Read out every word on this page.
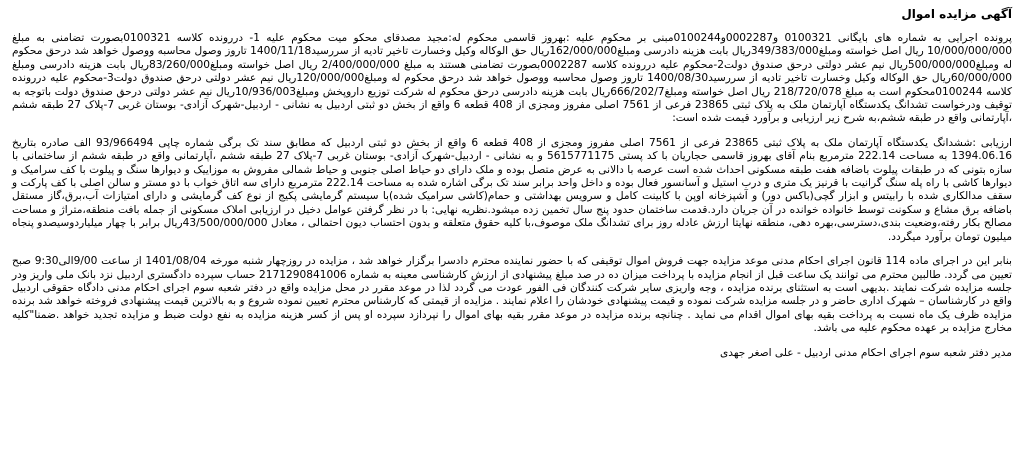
آگهی مزایده اموال

پرونده اجرایی به شماره های بایگانی 0100321 و0002287و0100244مبنی بر محکوم علیه :بهروز قاسمی محکوم له:مجید مصدقای محکو میت محکوم علیه 1- دررونده کلاسه 0100321بصورت تضامنی به مبلغ 10/000/000/000 ریال اصل خواسته ومبلغ349/383/000ریال بابت هزینه دادرسی ومبلغ162/000/000ریال حق الوکاله وکیل وخسارت تاخیر تادیه از سررسید1400/11/18 تاروز وصول محاسبه ووصول خواهد شد درحق محکوم له ومبلغ500/000/000ریال نیم عشر دولتی درحق صندوق دولت2-محکوم علیه دررونده کلاسه 0002287بصورت تضامنی هستند به مبلغ 2/400/000/000 ریال اصل خواسته ومبلغ83/260/000ریال بابت هزینه دادرسی ومبلغ 60/000/000ریال حق الوکاله وکیل وخسارت تاخیر تادیه از سررسید1400/08/30 تاروز وصول محاسبه ووصول خواهد شد درحق محکوم له ومبلغ120/000/000ریال نیم عشر دولتی درحق صندوق دولت3-محکوم علیه دررونده کلاسه 0100244محکوم است به مبلغ 218/720/078 ریال اصل خواسته ومبلغ666/202/7ریال بابت هزینه دادرسی درحق محکوم له شرکت توزیع داروپخش ومبلغ10/936/003ریال نیم عشر دولتی درحق صندوق دولت باتوجه به توقیف ودرخواست تشدانگ یکدستگاه آپارتمان ملک به پلاک ثبتی 23865 فرعی از 7561 اصلی مفروز ومجزی از 408 قطعه 6 واقع از بخش دو ثبتی اردبیل به نشانی - اردبیل-شهرک آزادی- بوستان غربی 7-پلاک 27 طبقه ششم ،آپارتمانی واقع در طبقه ششم،به شرح زیر ارزیابی و برآورد قیمت شده است:

ارزیابی :ششدانگ یکدستگاه آپارتمان ملک به پلاک ثبتی 23865 فرعی از 7561 اصلی مفروز ومجزی از 408 قطعه 6 واقع از بخش دو ثبتی اردبیل که مطابق سند تک برگی شماره چاپی 93/966494 الف صادره بتاریخ 1394.06.16 به مساحت 222.14 مترمربع بنام آقای بهروز قاسمی حجاریان با کد پستی 5615771175 و به نشانی - اردبیل-شهرک آزادی- بوستان غربی 7-پلاک 27 طبقه ششم ،آپارتمانی واقع در طبقه ششم از ساختمانی با سازه بتونی که در طبقات پیلوت باضافه هفت طبقه مسکونی احداث شده است عرصه با دالانی به عرض متصل بوده و ملک دارای دو حیاط اصلی جنوبی و حیاط شمالی مفروش به موزاییک و دیوارها سنگ و پیلوت با کف سرامیک و دیوارها کاشی با راه پله سنگ گرانیت با قرنیز یک متری و درب استیل و آسانسور فعال بوده و داخل واحد برابر سند تک برگی اشاره شده به مساحت 222.14 مترمربع دارای سه اتاق خواب با دو مستر و سالن اصلی با کف پارکت و سقف مدالکاری شده با رابیتس و ابزار گچی(باکس دور) و آشپزخانه اوپن با کابینت کامل و سرویس بهداشتی و حمام(کاشی سرامیک شده)با سیستم گرمایشی پکیج از نوع کف گرمایشی و دارای امتیازات آب،برق،گاز مستقل باضافه برق مشاع و سکونت توسط خانواده خوانده در آن جریان دارد.قدمت ساختمان حدود پنج سال تخمین زده میشود.نظریه نهایی: با در نظر گرفتن عوامل دخیل در ارزیابی املاک مسکونی از جمله بافت منطقه،متراژ و مساحت مصالح بکار رفته،وضعیت بندی،دسترسی،بهره دهی، منطقه نهایتا ارزش عادله روز برای تشدانگ ملک موصوف،با کلیه حقوق متعلقه و بدون احتساب دیون احتمالی ، معادل 43/500/000/000ریال برابر با چهار میلیاردوسیصدو پنجاه میلیون تومان برآورد میگردد.

بنابر این در اجرای ماده 114 قانون اجرای احکام مدنی موعد مزایده جهت فروش اموال توقیفی که با حضور نماینده محترم دادسرا برگزار خواهد شد ، مزایده در روزچهار شنبه مورخه 1401/08/04 از ساعت 9/00الی9:30 صبح تعیین می گردد. طالبین محترم می توانند یک ساعت قبل از انجام مزایده با پرداخت میزان ده در صد مبلغ پیشنهادی از ارزش کارشناسی معینه به شماره 2171290841006 حساب سپرده دادگستری اردبیل نزد بانک ملی واریز ودر جلسه مزایده شرکت نمایند .بدیهی است به استثنای برنده مزایده ، وجه واریزی سایر شرکت کنندگان فی الفور عودت می گردد لذا در موعد مقرر در محل مزایده واقع در دفتر شعبه سوم اجرای احکام مدنی دادگاه حقوقی اردبیل واقع در کارشناسان – شهرک اداری حاضر و در جلسه مزایده شرکت نموده و قیمت پیشنهادی خودشان را اعلام نمایند . مزایده از قیمتی که کارشناس محترم تعیین نموده شروع و به بالاترین قیمت پیشنهادی فروخته خواهد شد برنده مزایده ظرف یک ماه نسبت به پرداخت بقیه بهای اموال اقدام می نماید . چنانچه برنده مزایده در موعد مقرر بقیه بهای اموال را نپردازد سپرده او پس از کسر هزینه مزایده به نفع دولت ضبط و مزایده تجدید خواهد .ضمنا"کلیه مخارج مزایده بر عهده محکوم علیه می باشد.

مدیر دفتر شعبه سوم اجرای احکام مدنی اردبیل - علی اصغر جهدی
